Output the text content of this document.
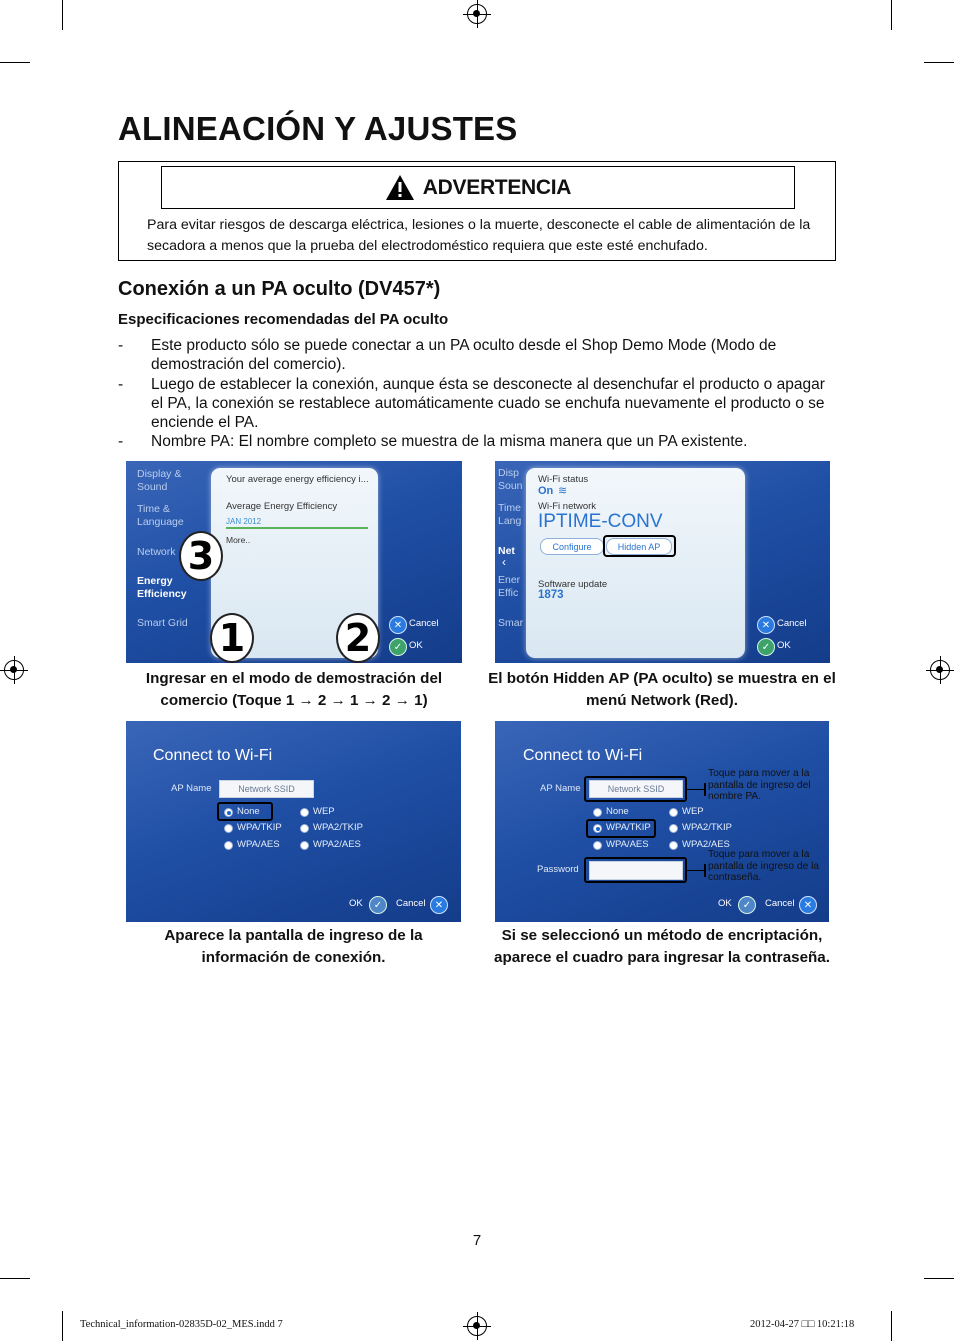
ALINEACIÓN Y AJUSTES
ADVERTENCIA
Para evitar riesgos de descarga eléctrica, lesiones o la muerte, desconecte el cable de alimentación de la secadora a menos que la prueba del electrodoméstico requiera que este esté enchufado.
Conexión a un PA oculto (DV457*)
Especificaciones recomendadas del PA oculto
- Este producto sólo se puede conectar a un PA oculto desde el Shop Demo Mode (Modo de demostración del comercio).
- Luego de establecer la conexión, aunque ésta se desconecte al desenchufar el producto o apagar el PA, la conexión se restablece automáticamente cuado se enchufa nuevamente el producto o se enciende el PA.
- Nombre PA: El nombre completo se muestra de la misma manera que un PA existente.
Display & Sound
Time & Language
Network
Energy Efficiency
Smart Grid
Your average energy efficiency i...
Average Energy Efficiency
JAN 2012
More..
✕ Cancel
✓ OK
3
1	2
Ingresar en el modo de demostración del comercio (Toque 1 → 2 → 1 → 2 → 1)
Disp
Soun
Time
Lang
Net
‹
Ener
Effic
Smar
Wi-Fi status
On ≋
Wi-Fi network
IPTIME-CONV
Configure	Hidden AP
Software update
1873
✕ Cancel
✓ OK
El botón Hidden AP (PA oculto) se muestra en el menú Network (Red).
Connect to Wi-Fi
AP Name	Network SSID
None	WEP
WPA/TKIP	WPA2/TKIP
WPA/AES	WPA2/AES
OK	✓	Cancel ✕
Aparece la pantalla de ingreso de la información de conexión.
Connect to Wi-Fi
AP Name	Network SSID
None	WEP
WPA/TKIP	WPA2/TKIP
WPA/AES	WPA2/AES
Password
Toque para mover a la pantalla de ingreso del nombre PA.
Toque para mover a la pantalla de ingreso de la contraseña.
OK	✓	Cancel ✕
Si se seleccionó un método de encriptación, aparece el cuadro para ingresar la contraseña.
7
Technical_information-02835D-02_MES.indd 7	2012-04-27 □□ 10:21:18
